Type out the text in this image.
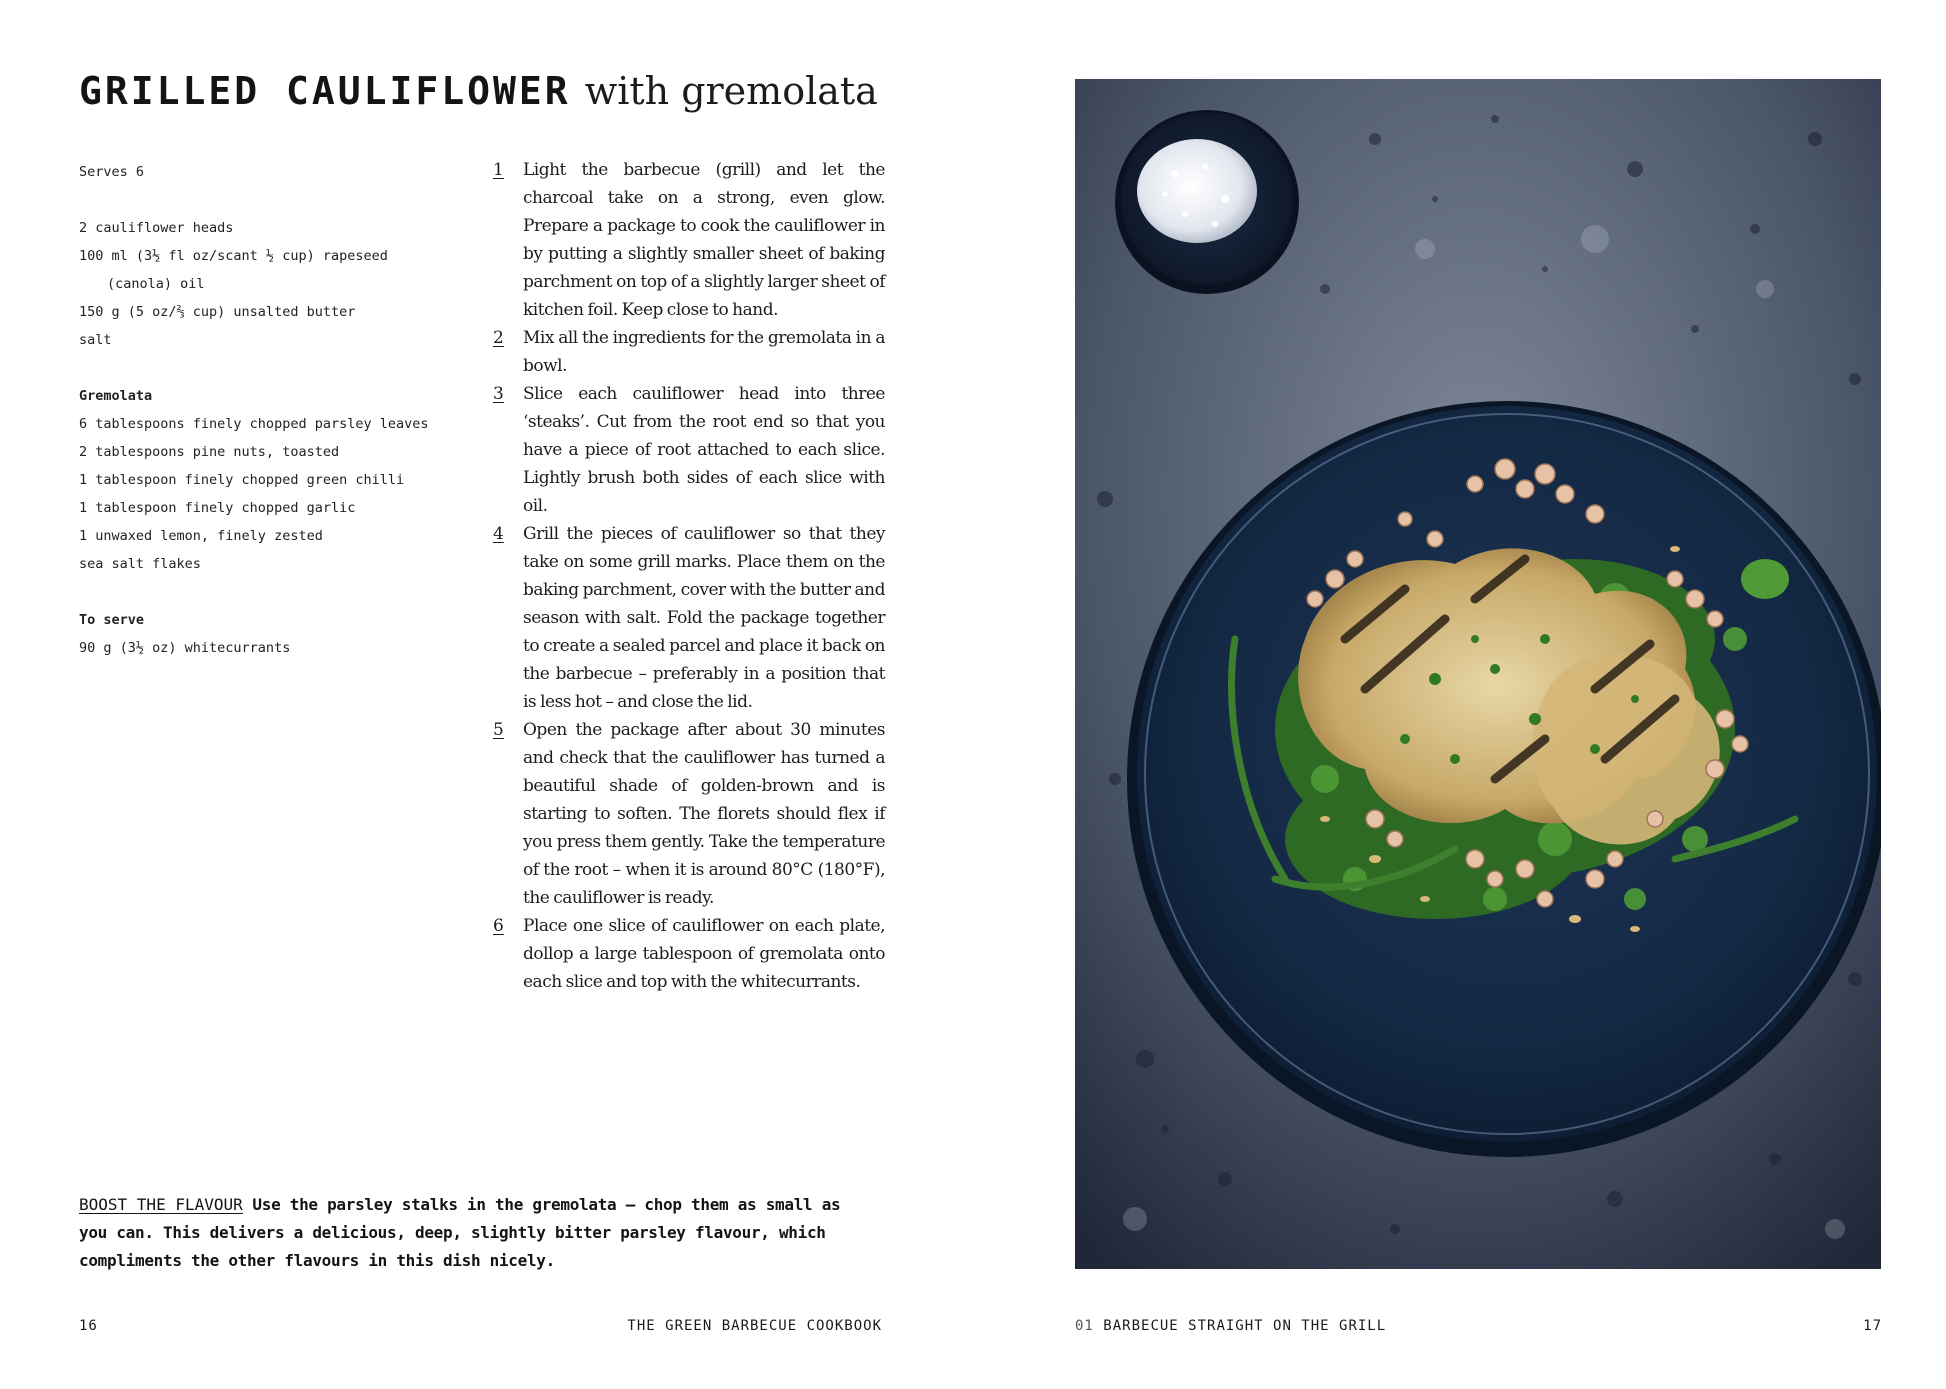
GRILLED CAULIFLOWER with gremolata
Serves 6
2 cauliflower heads
100 ml (3½ fl oz/scant ½ cup) rapeseed
(canola) oil
150 g (5 oz/⅔ cup) unsalted butter
salt
Gremolata
6 tablespoons finely chopped parsley leaves
2 tablespoons pine nuts, toasted
1 tablespoon finely chopped green chilli
1 tablespoon finely chopped garlic
1 unwaxed lemon, finely zested
sea salt flakes
To serve
90 g (3½ oz) whitecurrants
1 Light the barbecue (grill) and let the charcoal take on a strong, even glow. Prepare a package to cook the cauliflower in by putting a slightly smaller sheet of baking parchment on top of a slightly larger sheet of kitchen foil. Keep close to hand.
2 Mix all the ingredients for the gremolata in a bowl.
3 Slice each cauliflower head into three ‘steaks’. Cut from the root end so that you have a piece of root attached to each slice. Lightly brush both sides of each slice with oil.
4 Grill the pieces of cauliflower so that they take on some grill marks. Place them on the baking parchment, cover with the butter and season with salt. Fold the package together to create a sealed parcel and place it back on the barbecue – preferably in a position that is less hot – and close the lid.
5 Open the package after about 30 minutes and check that the cauliflower has turned a beautiful shade of golden-brown and is starting to soften. The florets should flex if you press them gently. Take the temperature of the root – when it is around 80°C (180°F), the cauliflower is ready.
6 Place one slice of cauliflower on each plate, dollop a large tablespoon of gremolata onto each slice and top with the whitecurrants.
BOOST THE FLAVOUR Use the parsley stalks in the gremolata – chop them as small as you can. This delivers a delicious, deep, slightly bitter parsley flavour, which compliments the other flavours in this dish nicely.
16	THE GREEN BARBECUE COOKBOOK	01 BARBECUE STRAIGHT ON THE GRILL	17
